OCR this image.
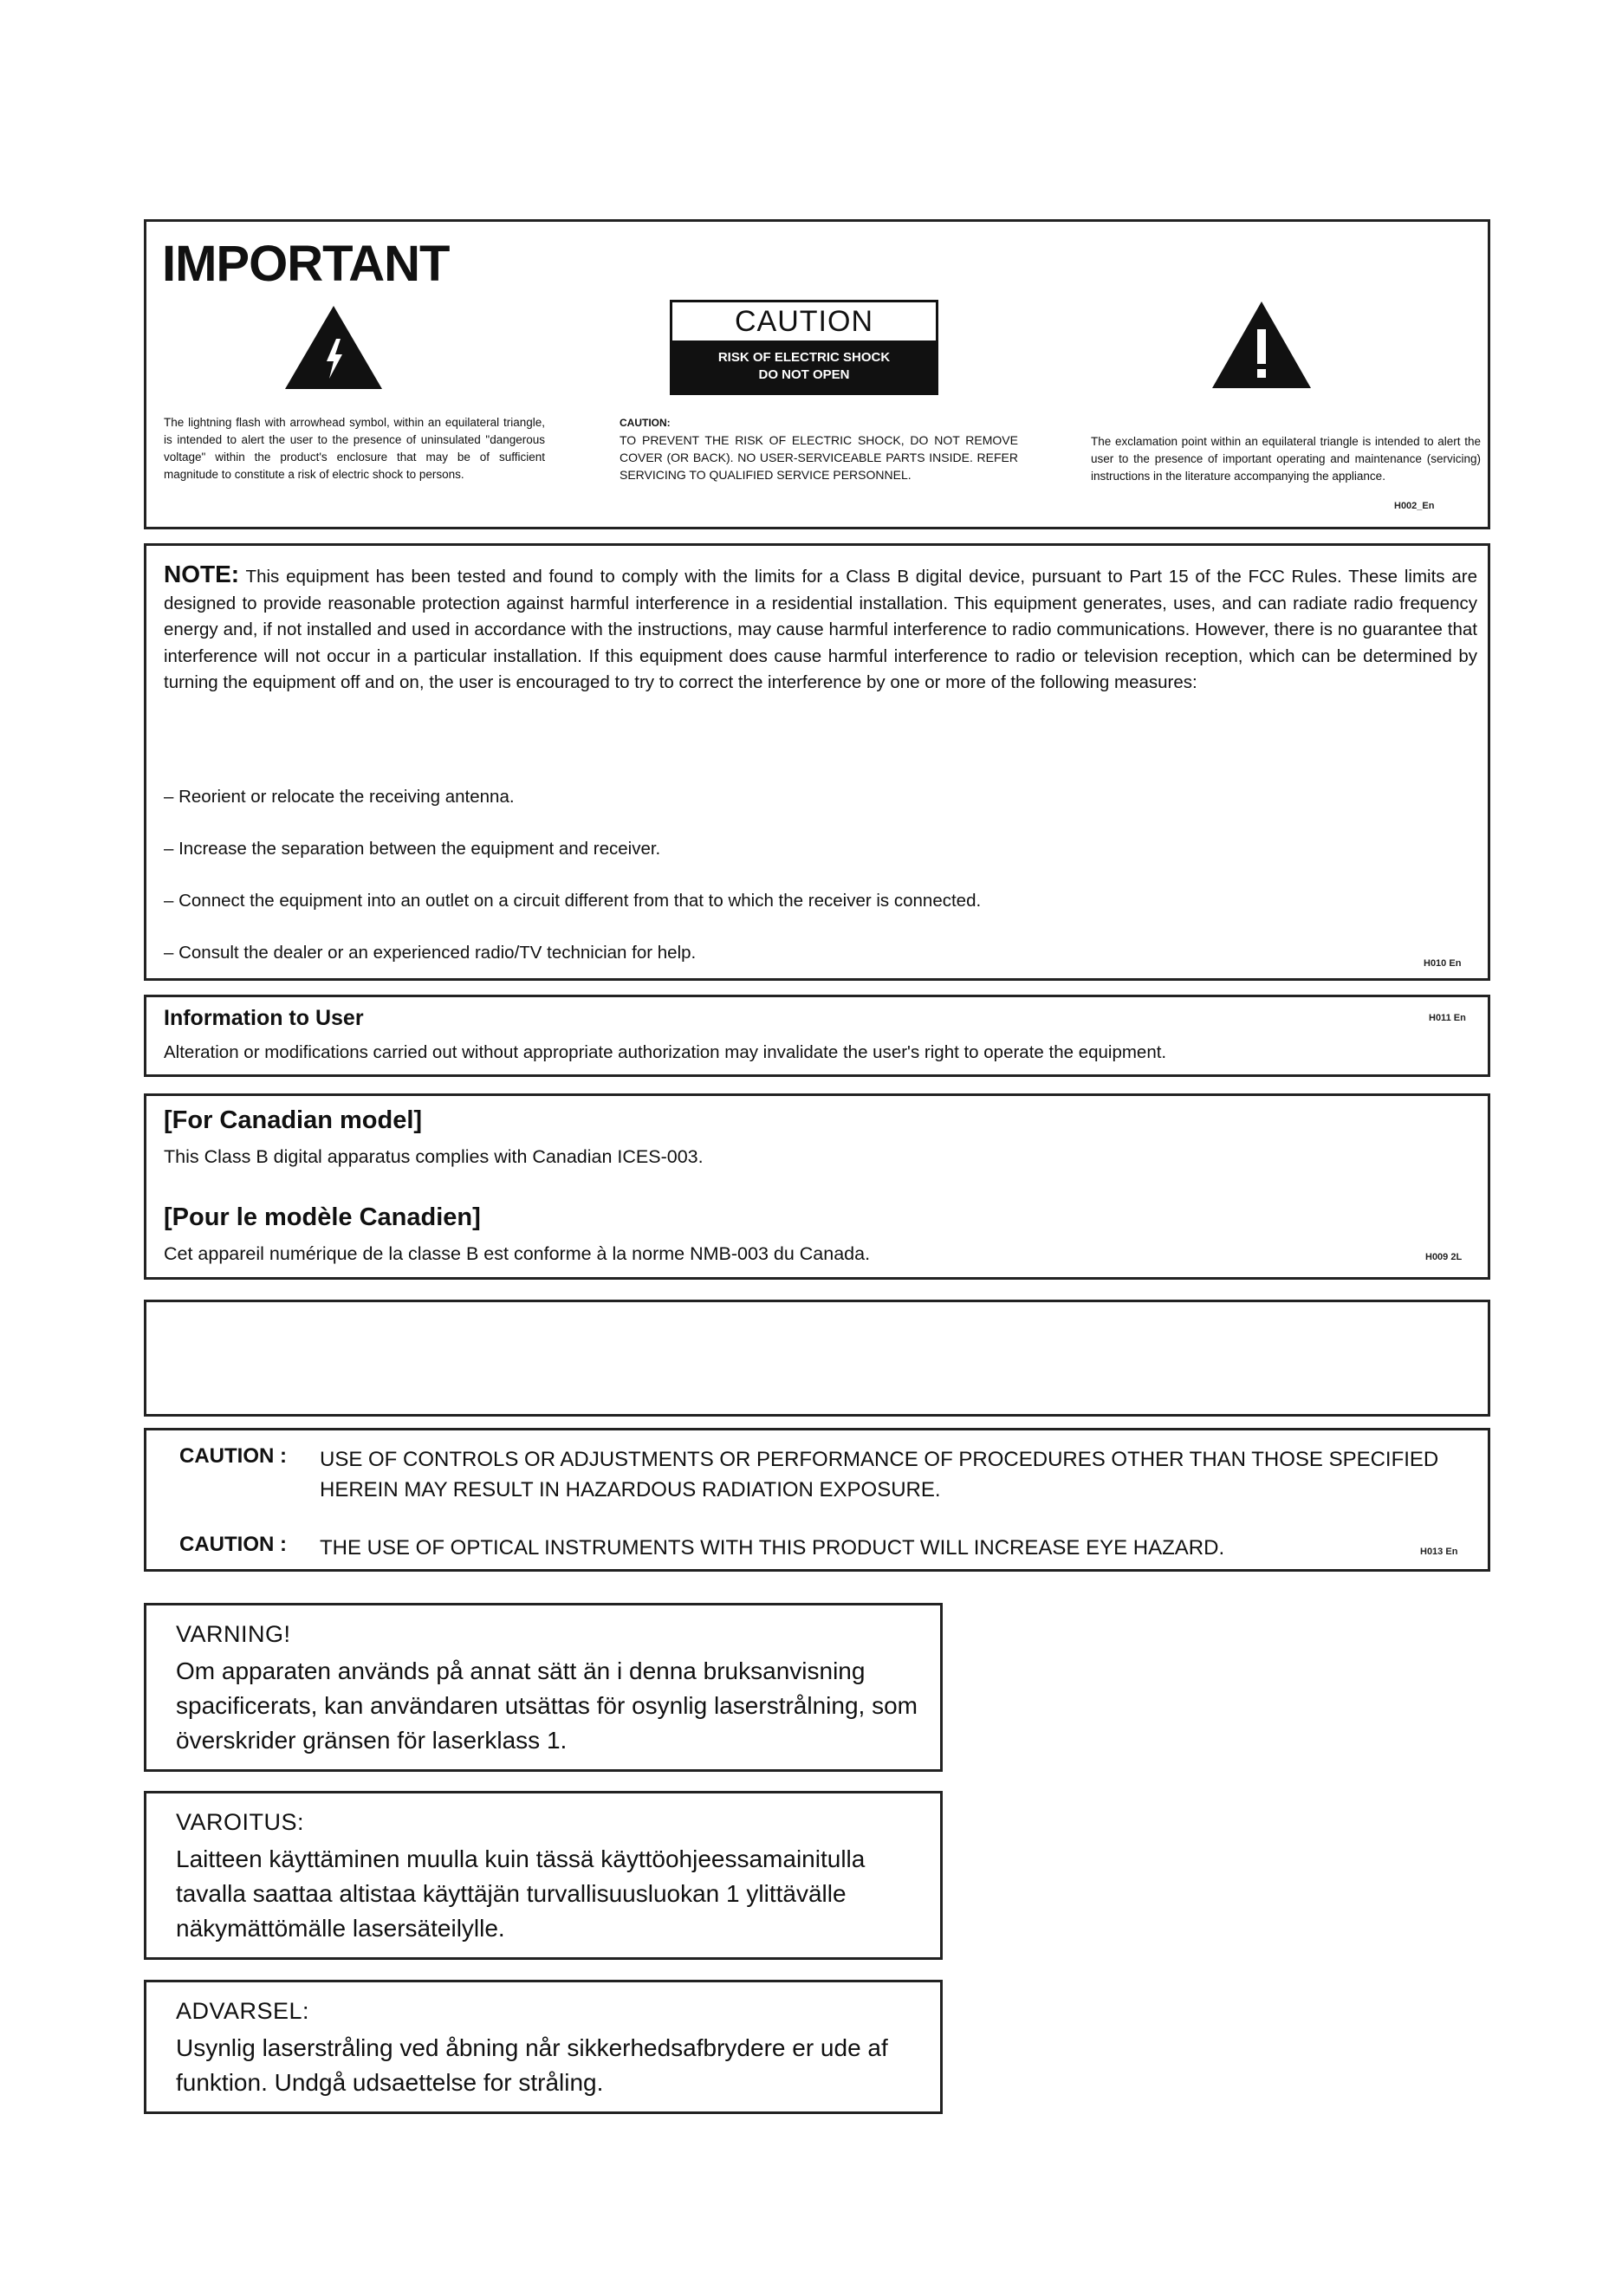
IMPORTANT
The lightning flash with arrowhead symbol, within an equilateral triangle, is intended to alert the user to the presence of uninsulated "dangerous voltage" within the product's enclosure that may be of sufficient magnitude to constitute a risk of electric shock to persons.
CAUTION
RISK OF ELECTRIC SHOCK
DO NOT OPEN
CAUTION:
TO PREVENT THE RISK OF ELECTRIC SHOCK, DO NOT REMOVE COVER (OR BACK). NO USER-SERVICEABLE PARTS INSIDE. REFER SERVICING TO QUALIFIED SERVICE PERSONNEL.
The exclamation point within an equilateral triangle is intended to alert the user to the presence of important operating and maintenance (servicing) instructions in the literature accompanying the appliance.
H002_En
NOTE: This equipment has been tested and found to comply with the limits for a Class B digital device, pursuant to Part 15 of the FCC Rules. These limits are designed to provide reasonable protection against harmful interference in a residential installation. This equipment generates, uses, and can radiate radio frequency energy and, if not installed and used in accordance with the instructions, may cause harmful interference to radio communications. However, there is no guarantee that interference will not occur in a particular installation. If this equipment does cause harmful interference to radio or television reception, which can be determined by turning the equipment off and on, the user is encouraged to try to correct the interference by one or more of the following measures:
– Reorient or relocate the receiving antenna.
– Increase the separation between the equipment and receiver.
– Connect the equipment into an outlet on a circuit different from that to which the receiver is connected.
– Consult the dealer or an experienced radio/TV technician for help.
H010 En
Information to User	H011 En
Alteration or modifications carried out without appropriate authorization may invalidate the user's right to operate the equipment.
[For Canadian model]
This Class B digital apparatus complies with Canadian ICES-003.
[Pour le modèle Canadien]
Cet appareil numérique de la classe B est conforme à la norme NMB-003 du Canada.	H009 2L
CAUTION : USE OF CONTROLS OR ADJUSTMENTS OR PERFORMANCE OF PROCEDURES OTHER THAN THOSE SPECIFIED HEREIN MAY RESULT IN HAZARDOUS RADIATION EXPOSURE.
CAUTION : THE USE OF OPTICAL INSTRUMENTS WITH THIS PRODUCT WILL INCREASE EYE HAZARD.	H013 En
VARNING!
Om apparaten används på annat sätt än i denna bruksanvisning spacificerats, kan användaren utsättas för osynlig laserstrålning, som överskrider gränsen för laserklass 1.
VAROITUS:
Laitteen käyttäminen muulla kuin tässä käyttöohjeessamainitulla tavalla saattaa altistaa käyttäjän turvallisuusluokan 1 ylittävälle näkymättömälle lasersäteilylle.
ADVARSEL:
Usynlig laserstråling ved åbning når sikkerhedsafbrydere er ude af funktion. Undgå udsaettelse for stråling.
